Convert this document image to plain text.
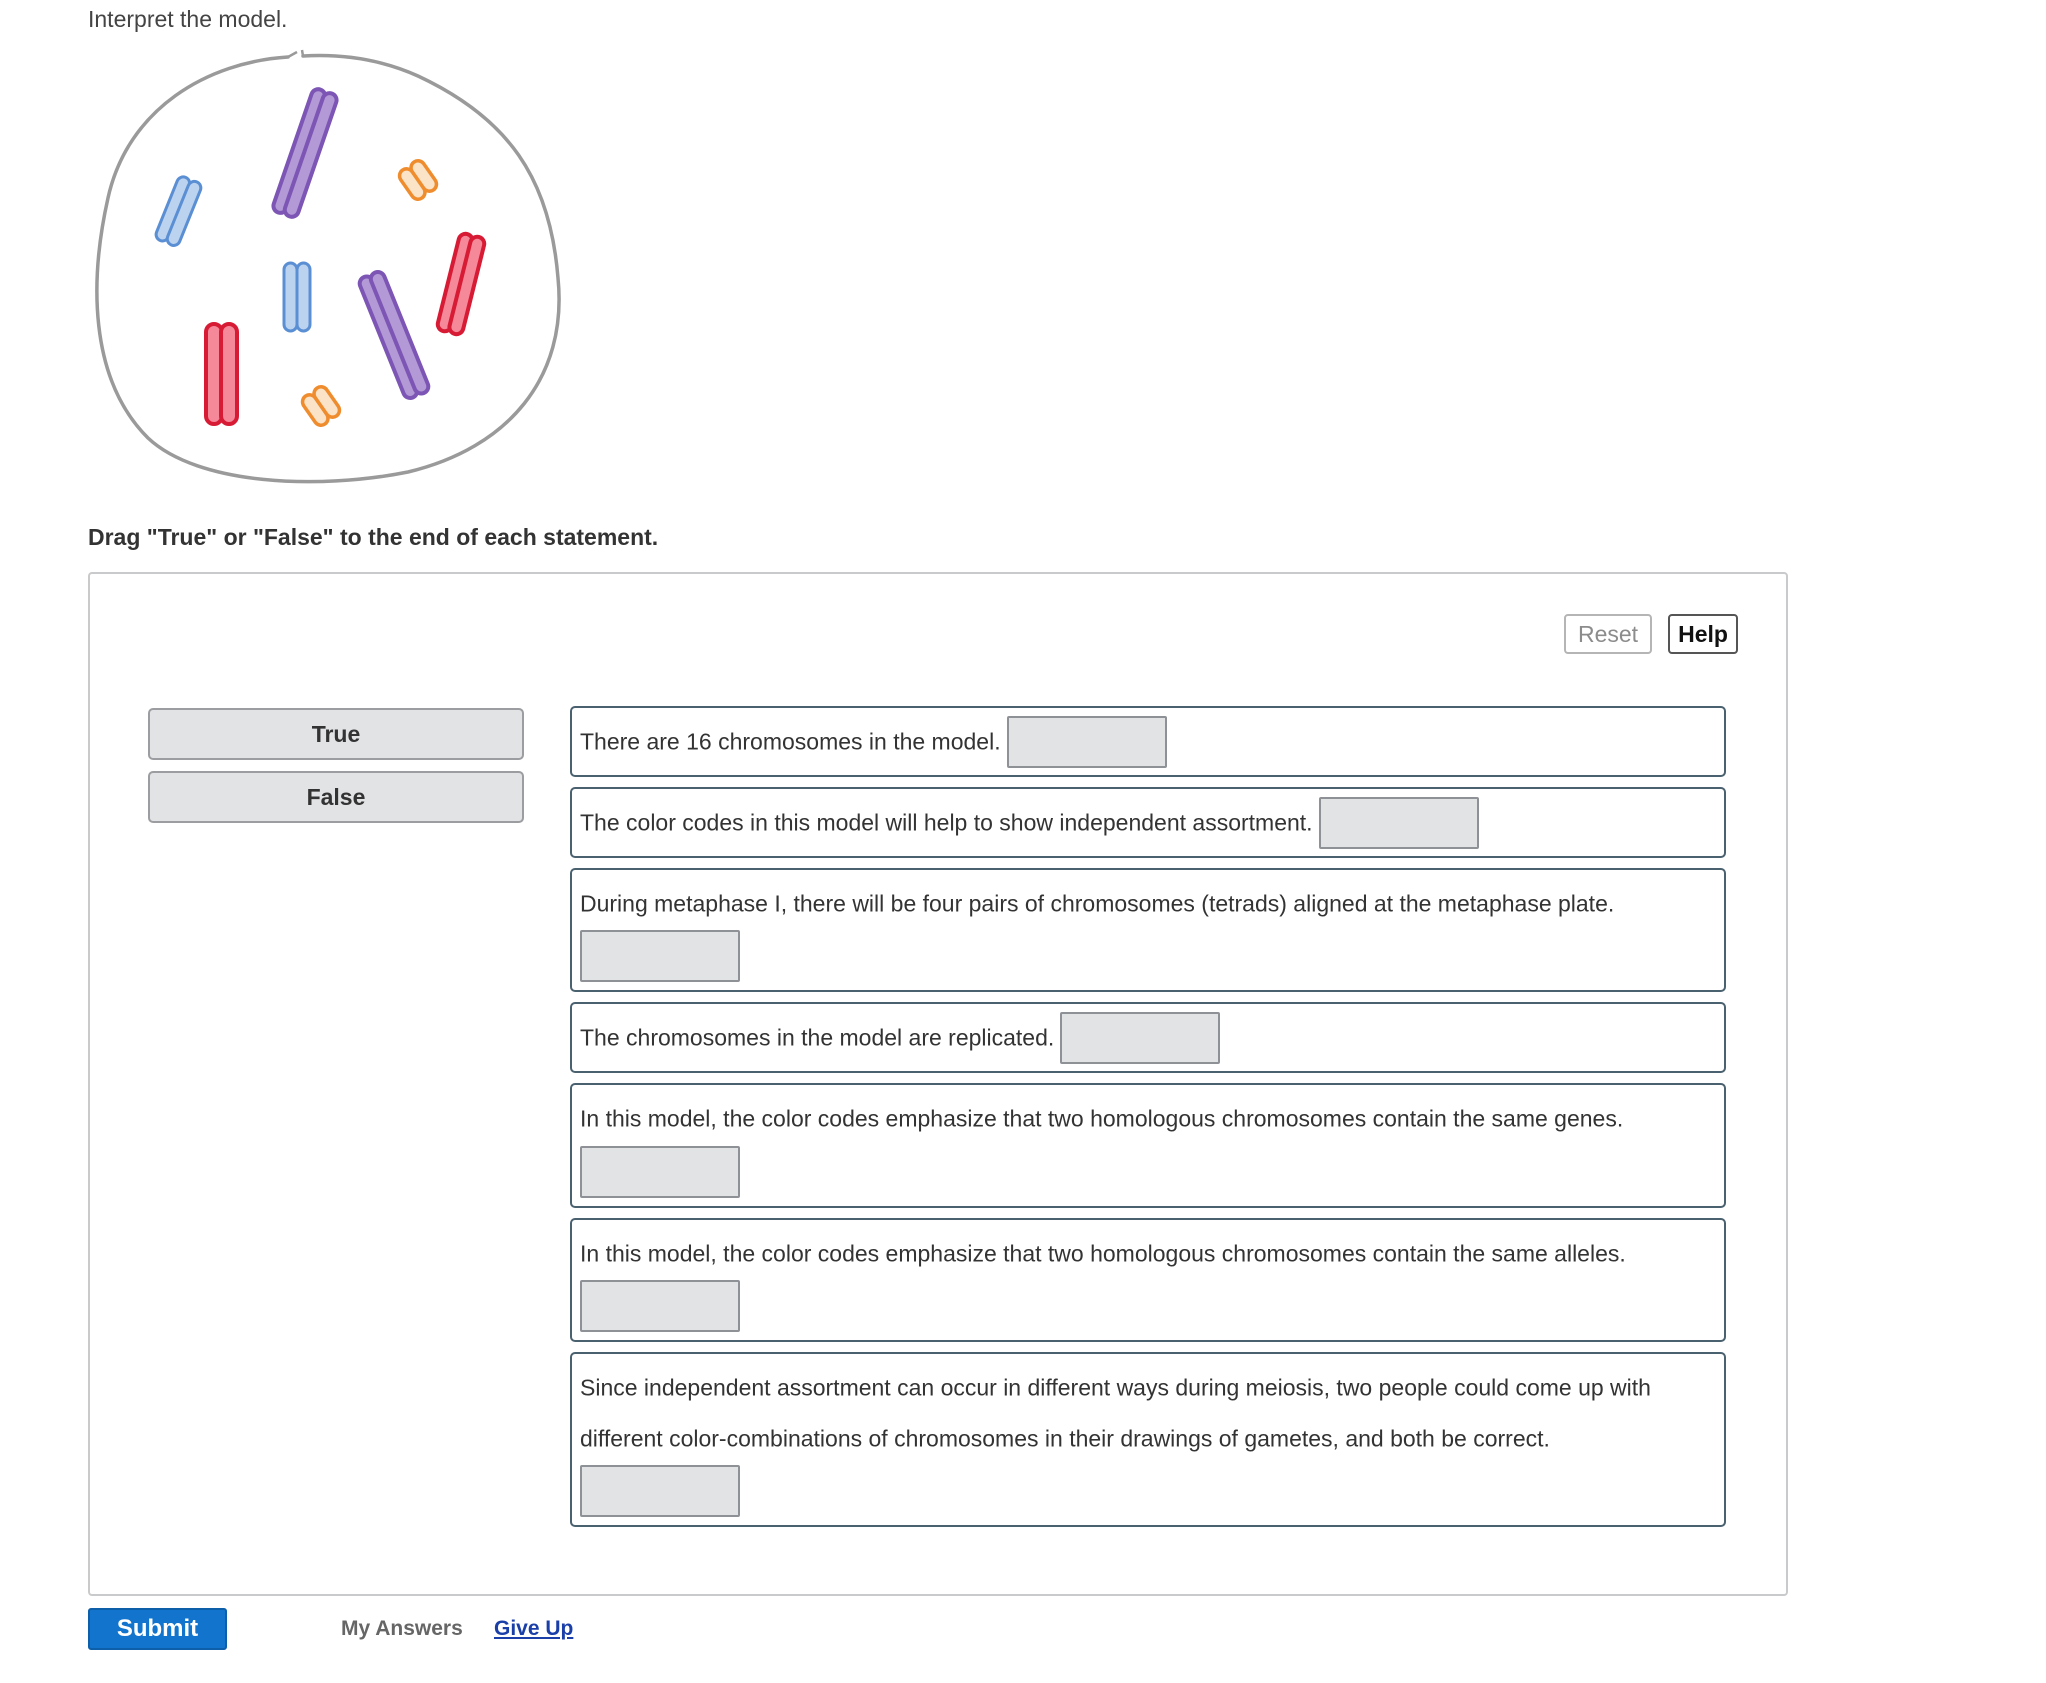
Interpret the model.
Drag "True" or "False" to the end of each statement.
Reset	Help
True
False
There are 16 chromosomes in the model.
The color codes in this model will help to show independent assortment.
During metaphase I, there will be four pairs of chromosomes (tetrads) aligned at the metaphase plate.
The chromosomes in the model are replicated.
In this model, the color codes emphasize that two homologous chromosomes contain the same genes.
In this model, the color codes emphasize that two homologous chromosomes contain the same alleles.
Since independent assortment can occur in different ways during meiosis, two people could come up with different color-combinations of chromosomes in their drawings of gametes, and both be correct.
Submit	My Answers Give Up
